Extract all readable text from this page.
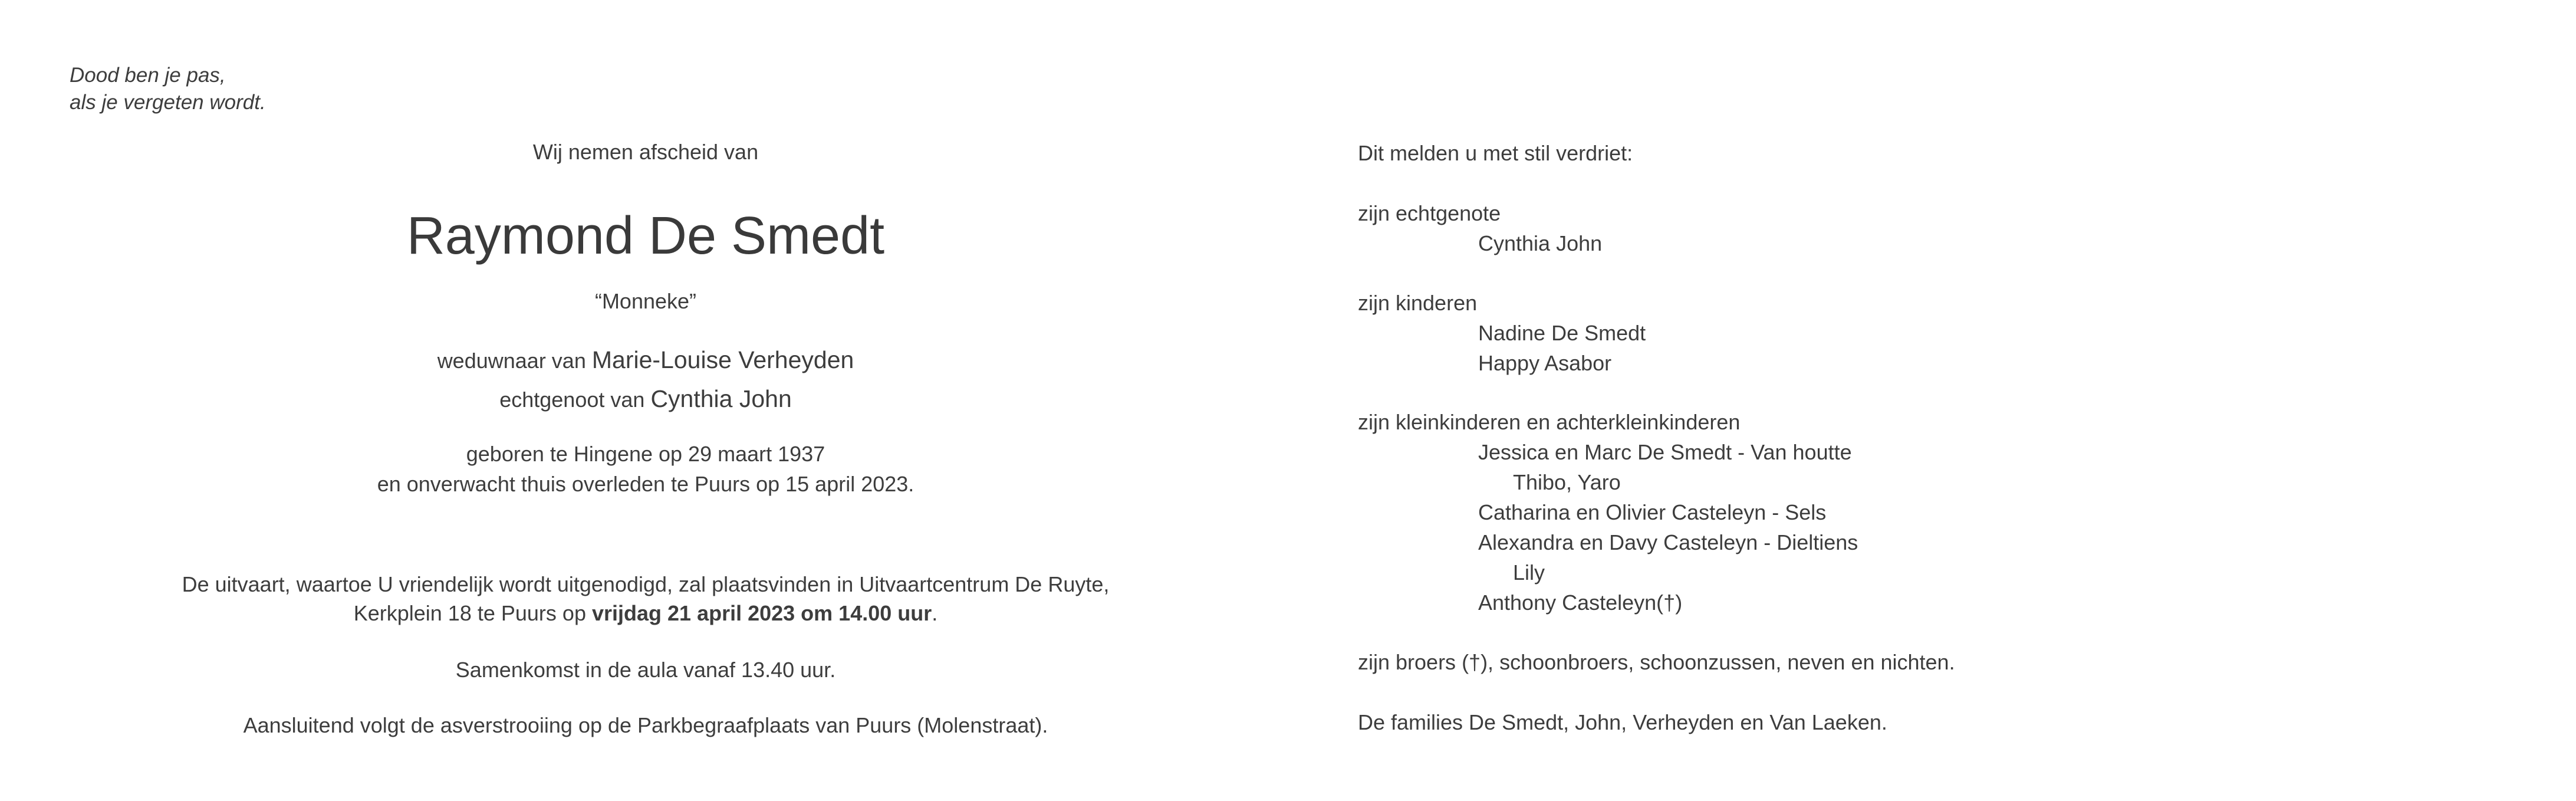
Dood ben je pas,
als je vergeten wordt.
Wij nemen afscheid van
Raymond De Smedt
“Monneke”
weduwnaar van Marie-Louise Verheyden
echtgenoot van Cynthia John
geboren te Hingene op 29 maart 1937
en onverwacht thuis overleden te Puurs op 15 april 2023.
De uitvaart, waartoe U vriendelijk wordt uitgenodigd, zal plaatsvinden in Uitvaartcentrum De Ruyte,
Kerkplein 18 te Puurs op vrijdag 21 april 2023 om 14.00 uur.
Samenkomst in de aula vanaf 13.40 uur.
Aansluitend volgt de asverstrooiing op de Parkbegraafplaats van Puurs (Molenstraat).
Dit melden u met stil verdriet:
zijn echtgenote
Cynthia John
zijn kinderen
Nadine De Smedt
Happy Asabor
zijn kleinkinderen en achterkleinkinderen
Jessica en Marc De Smedt - Van houtte
Thibo, Yaro
Catharina en Olivier Casteleyn - Sels
Alexandra en Davy Casteleyn - Dieltiens
Lily
Anthony Casteleyn(†)
zijn broers (†), schoonbroers, schoonzussen, neven en nichten.
De families De Smedt, John, Verheyden en Van Laeken.
